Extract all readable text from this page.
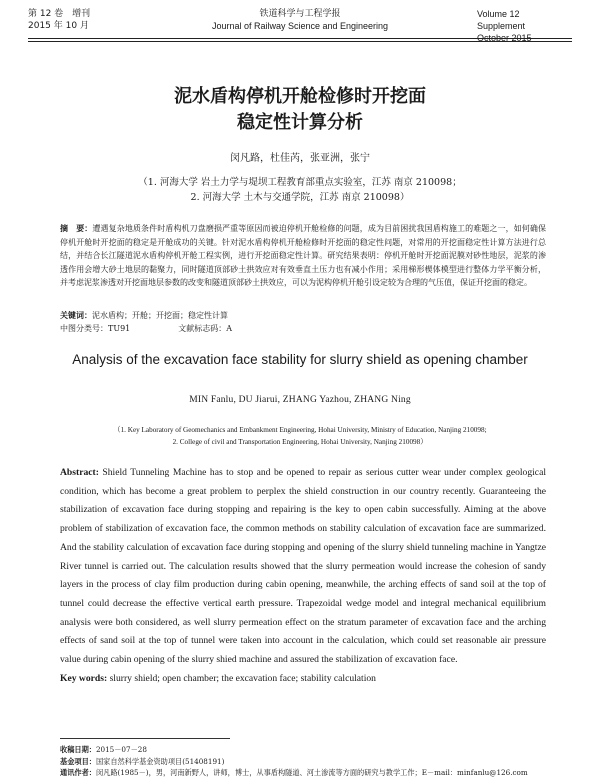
第 12 卷　增刊
2015 年 10 月
铁道科学与工程学报
Journal of Railway Science and Engineering
Volume 12　Supplement
October 2015
泥水盾构停机开舱检修时开挖面
稳定性计算分析
闵凡路，杜佳芮，张亚洲，张宁
（1. 河海大学 岩土力学与堤坝工程教育部重点实验室，江苏 南京 210098；
2. 河海大学 土木与交通学院，江苏 南京 210098）
摘　要：遭遇复杂地质条件时盾构机刀盘磨损严重等原因而被迫停机开舱检修的问题，成为目前困扰我国盾构施工的难题之一，如何确保停机开舱时开挖面的稳定是开舱成功的关键。针对泥水盾构停机开舱检修时开挖面的稳定性问题，对常用的开挖面稳定性计算方法进行总结，并结合长江隧道泥水盾构停机开舱工程实例，进行开挖面稳定性计算。研究结果表明：停机开舱时开挖面泥膜对砂性地层，泥浆的渗透作用会增大砂土地层的黏聚力，同时隧道顶部砂土拱效应对有效垂直土压力也有减小作用；采用梯形楔体模型进行整体力学平衡分析，并考虑泥浆渗透对开挖面地层参数的改变和隧道顶部砂土拱效应，可以为泥构停机开舱引设定较为合理的气压值，保证开挖面的稳定。
关键词：泥水盾构；开舱；开挖面；稳定性计算
中图分类号：TU91	文献标志码：A
Analysis of the excavation face stability for slurry shield as opening chamber
MIN Fanlu, DU Jiarui, ZHANG Yazhou, ZHANG Ning
（1. Key Laboratory of Geomechanics and Embankment Engineering, Hohai University, Ministry of Education, Nanjing 210098;
2. College of civil and Transportation Engineering, Hohai University, Nanjing 210098）
Abstract: Shield Tunneling Machine has to stop and be opened to repair as serious cutter wear under complex geological condition, which has become a great problem to perplex the shield construction in our country recently. Guaranteeing the stabilization of excavation face during stopping and repairing is the key to open cabin successfully. Aiming at the above problem of stabilization of excavation face, the common methods on stability calculation of excavation face are summarized. And the stability calculation of excavation face during stopping and opening of the slurry shield tunneling machine in Yangtze River tunnel is carried out. The calculation results showed that the slurry permeation would increase the cohesion of sandy layers in the process of clay film production during cabin opening, meanwhile, the arching effects of sand soil at the top of tunnel could decrease the effective vertical earth pressure. Trapezoidal wedge model and integral mechanical equilibrium analysis were both considered, as well slurry permeation effect on the stratum parameter of excavation face and the arching effects of sand soil at the top of tunnel were taken into account in the calculation, which could set reasonable air pressure value during cabin opening of the slurry shied machine and assured the stabilization of excavation face.
Key words: slurry shield; open chamber; the excavation face; stability calculation
收稿日期：2015－07－28
基金项目：国家自然科学基金资助项目(51408191)
通讯作者：闵凡路(1985－)，男，河南新野人，讲师，博士，从事盾构隧道、河土渗流等方面的研究与教学工作；E－mail：minfanlu@126.com
